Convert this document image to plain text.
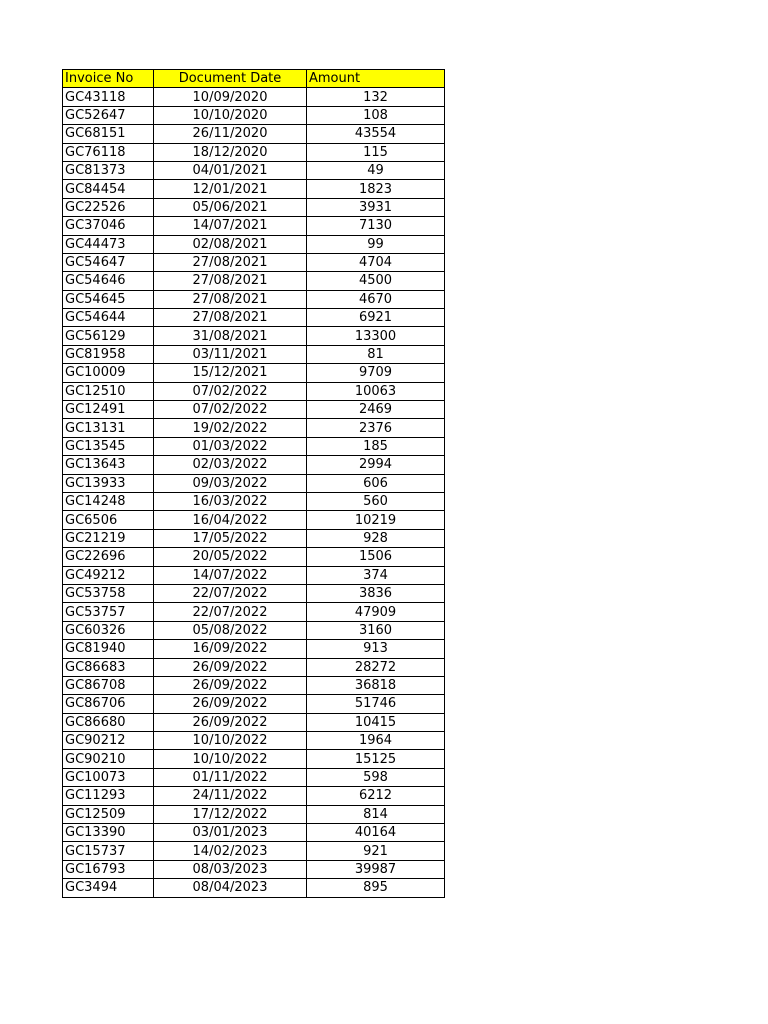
Invoice No	Document Date	Amount
GC43118	10/09/2020	132
GC52647	10/10/2020	108
GC68151	26/11/2020	43554
GC76118	18/12/2020	115
GC81373	04/01/2021	49
GC84454	12/01/2021	1823
GC22526	05/06/2021	3931
GC37046	14/07/2021	7130
GC44473	02/08/2021	99
GC54647	27/08/2021	4704
GC54646	27/08/2021	4500
GC54645	27/08/2021	4670
GC54644	27/08/2021	6921
GC56129	31/08/2021	13300
GC81958	03/11/2021	81
GC10009	15/12/2021	9709
GC12510	07/02/2022	10063
GC12491	07/02/2022	2469
GC13131	19/02/2022	2376
GC13545	01/03/2022	185
GC13643	02/03/2022	2994
GC13933	09/03/2022	606
GC14248	16/03/2022	560
GC6506	16/04/2022	10219
GC21219	17/05/2022	928
GC22696	20/05/2022	1506
GC49212	14/07/2022	374
GC53758	22/07/2022	3836
GC53757	22/07/2022	47909
GC60326	05/08/2022	3160
GC81940	16/09/2022	913
GC86683	26/09/2022	28272
GC86708	26/09/2022	36818
GC86706	26/09/2022	51746
GC86680	26/09/2022	10415
GC90212	10/10/2022	1964
GC90210	10/10/2022	15125
GC10073	01/11/2022	598
GC11293	24/11/2022	6212
GC12509	17/12/2022	814
GC13390	03/01/2023	40164
GC15737	14/02/2023	921
GC16793	08/03/2023	39987
GC3494	08/04/2023	895
